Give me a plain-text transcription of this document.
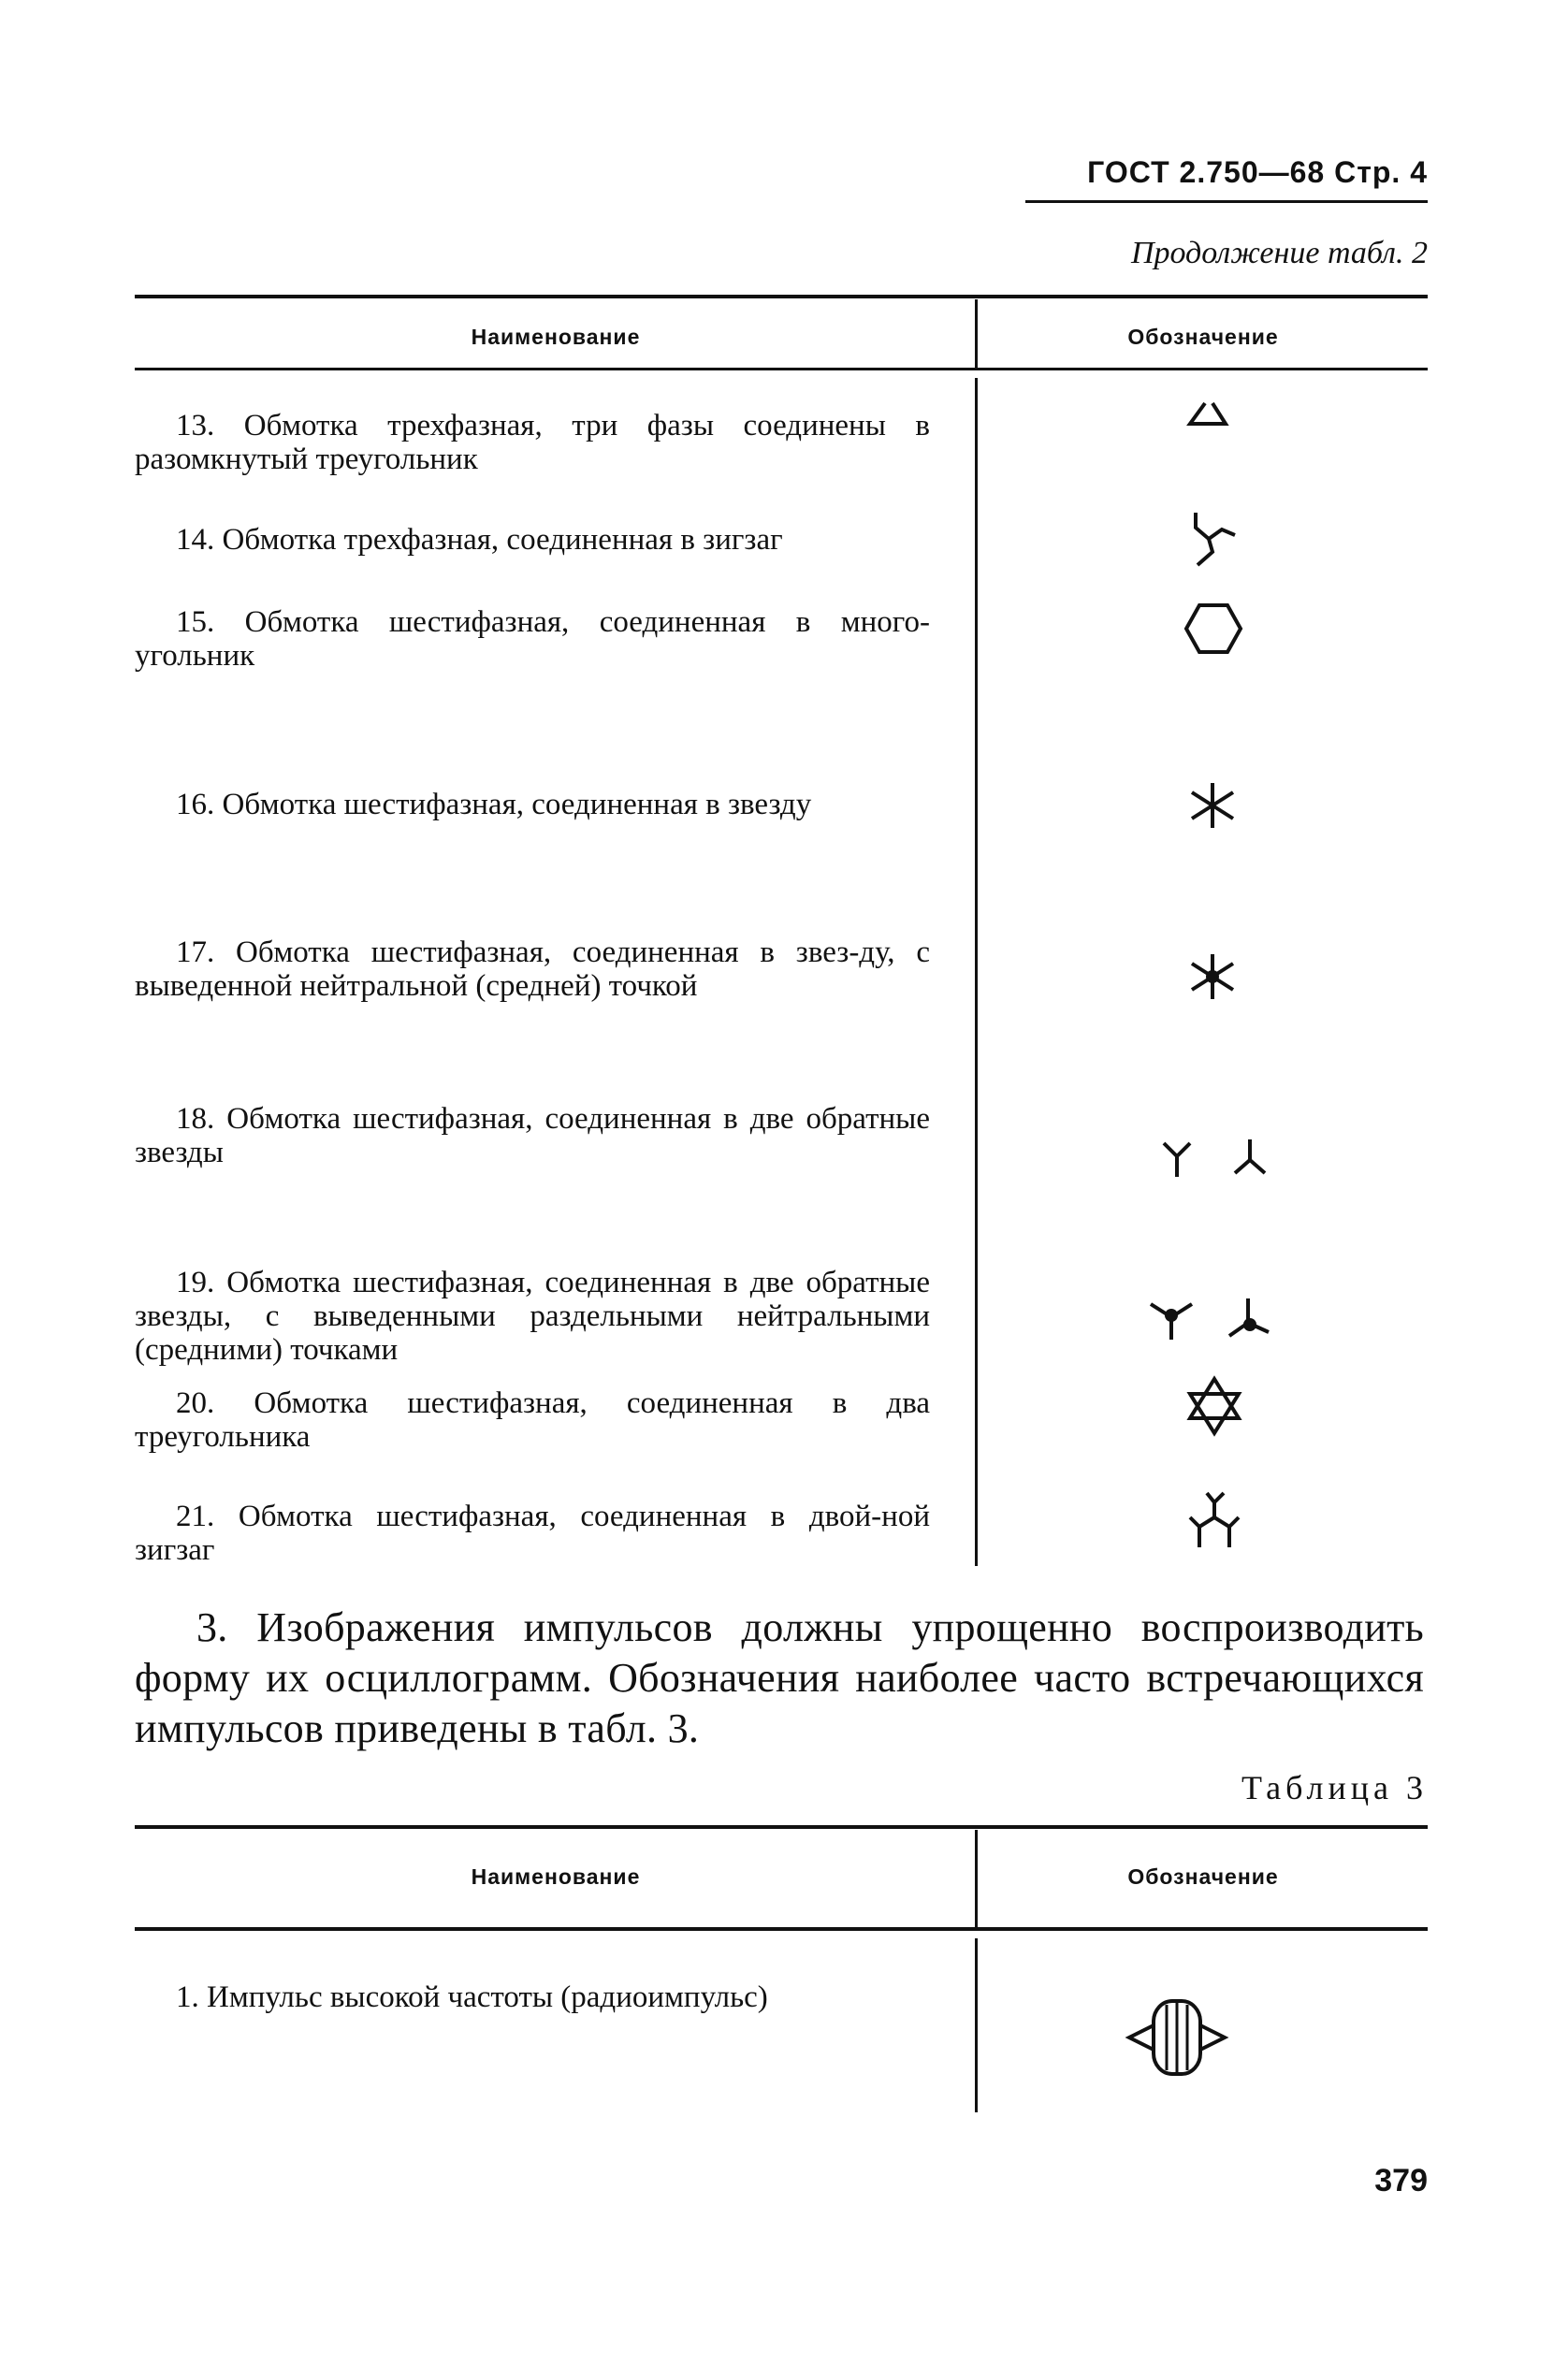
ГОСТ 2.750—68 Стр. 4
Продолжение табл. 2
Наименование	Обозначение
13. Обмотка трехфазная, три фазы соединены в разомкнутый треугольник
14. Обмотка трехфазная, соединенная в зигзаг
15. Обмотка шестифазная, соединенная в много-угольник
16. Обмотка шестифазная, соединенная в звезду
17. Обмотка шестифазная, соединенная в звез-ду, с выведенной нейтральной (средней) точкой
18. Обмотка шестифазная, соединенная в две обратные звезды
19. Обмотка шестифазная, соединенная в две обратные звезды, с выведенными раздельными нейтральными (средними) точками
20. Обмотка шестифазная, соединенная в два треугольника
21. Обмотка шестифазная, соединенная в двой-ной зигзаг
3. Изображения импульсов должны упрощенно воспроизводить форму их осциллограмм. Обозначения наиболее часто встречающихся импульсов приведены в табл. 3.
Таблица 3
Наименование	Обозначение
1. Импульс высокой частоты (радиоимпульс)
379
